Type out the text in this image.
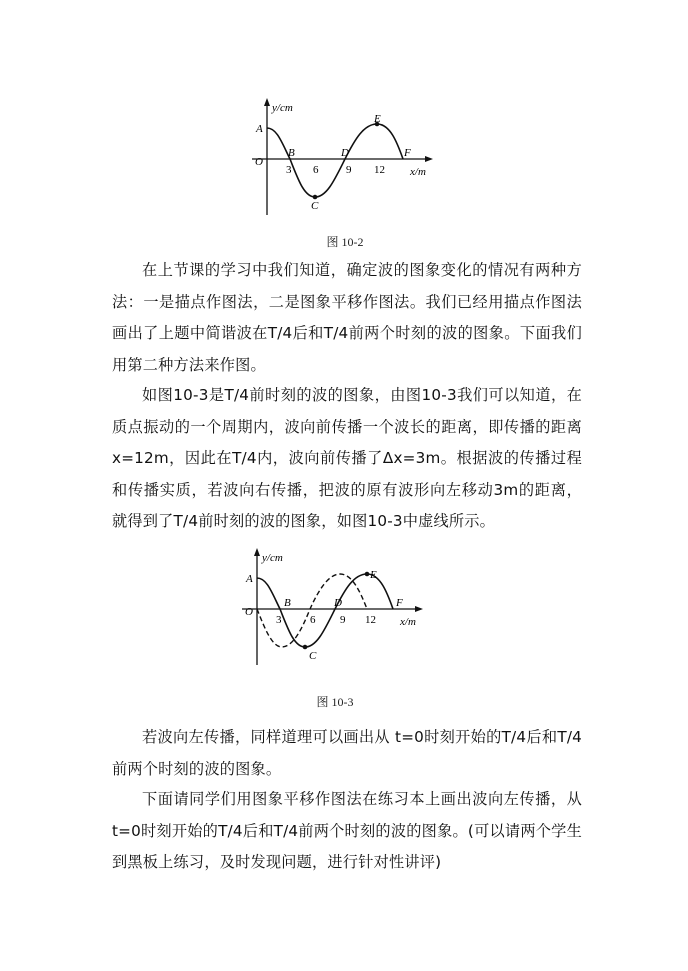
y/cm
x/m
O
A
B
C
D
E
F
3 6	9 12
图 10-2

在上节课的学习中我们知道，确定波的图象变化的情况有两种方法：一是描点作图法，二是图象平移作图法。我们已经用描点作图法画出了上题中简谐波在T/4后和T/4前两个时刻的波的图象。下面我们用第二种方法来作图。

如图10-3是T/4前时刻的波的图象，由图10-3我们可以知道，在质点振动的一个周期内，波向前传播一个波长的距离，即传播的距离x=12m，因此在T/4内，波向前传播了Δx=3m。根据波的传播过程和传播实质，若波向右传播，把波的原有波形向左移动3m的距离，就得到了T/4前时刻的波的图象，如图10-3中虚线所示。

y/cm
x/m
O
A
B
C
D
E
F
3	6 9 12
图 10-3

若波向左传播，同样道理可以画出从 t=0时刻开始的T/4后和T/4前两个时刻的波的图象。

下面请同学们用图象平移作图法在练习本上画出波向左传播，从 t=0时刻开始的T/4后和T/4前两个时刻的波的图象。(可以请两个学生到黑板上练习，及时发现问题，进行针对性讲评)
